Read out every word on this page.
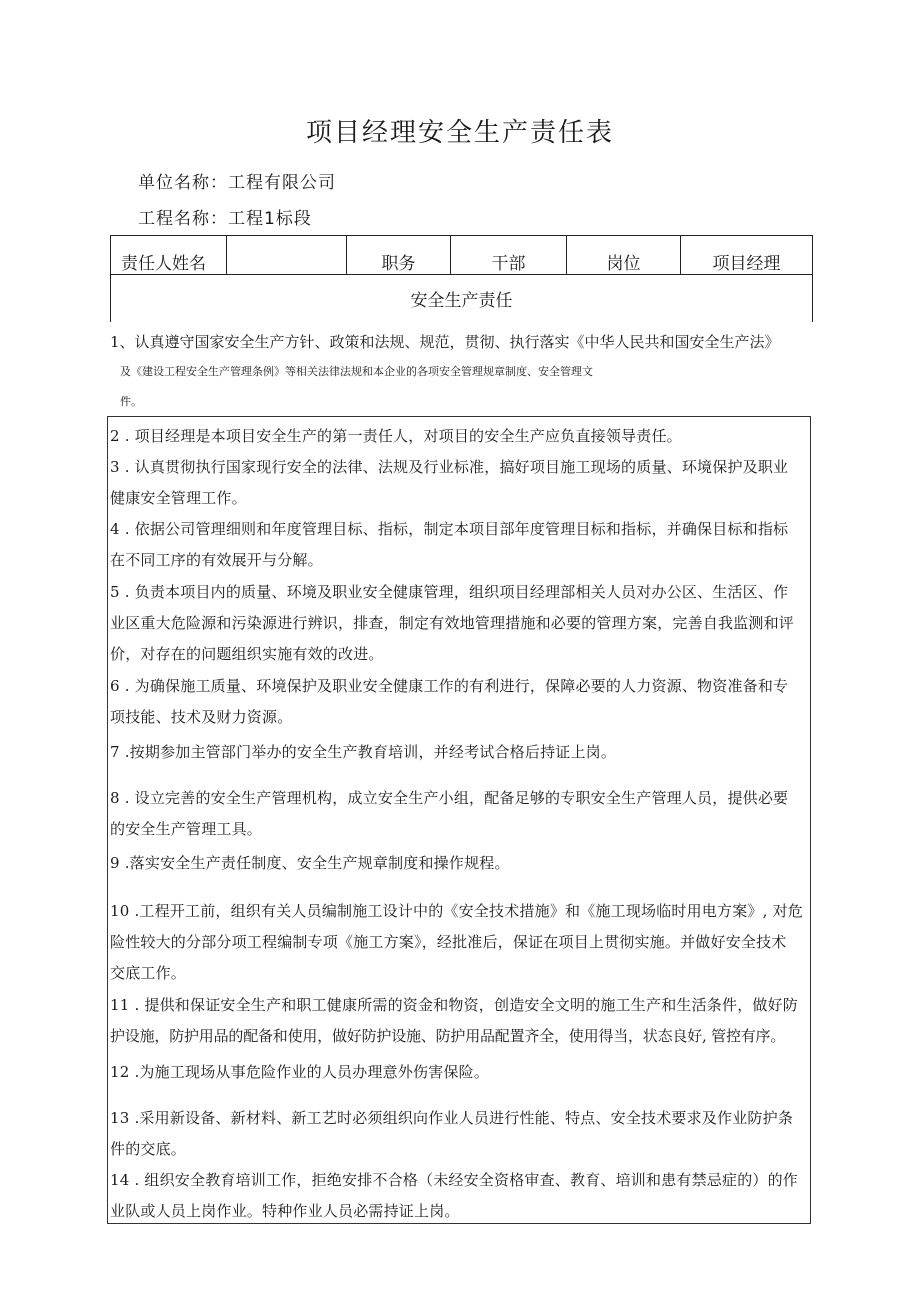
项目经理安全生产责任表
单位名称：工程有限公司
工程名称：工程1标段
责任人姓名		职务	干部	岗位	项目经理
安全生产责任
1、认真遵守国家安全生产方针、政策和法规、规范，贯彻、执行落实《中华人民共和国安全生产法》
及《建设工程安全生产管理条例》等相关法律法规和本企业的各项安全管理规章制度、安全管理文
件。
2 . 项目经理是本项目安全生产的第一责任人，对项目的安全生产应负直接领导责任。
3 . 认真贯彻执行国家现行安全的法律、法规及行业标准，搞好项目施工现场的质量、环境保护及职业
健康安全管理工作。
4 . 依据公司管理细则和年度管理目标、指标，制定本项目部年度管理目标和指标，并确保目标和指标
在不同工序的有效展开与分解。
5 . 负责本项目内的质量、环境及职业安全健康管理，组织项目经理部相关人员对办公区、生活区、作
业区重大危险源和污染源进行辨识，排查，制定有效地管理措施和必要的管理方案，完善自我监测和评
价，对存在的问题组织实施有效的改进。
6 . 为确保施工质量、环境保护及职业安全健康工作的有利进行，保障必要的人力资源、物资准备和专
项技能、技术及财力资源。
7 .按期参加主管部门举办的安全生产教育培训，并经考试合格后持证上岗。
8 . 设立完善的安全生产管理机构，成立安全生产小组，配备足够的专职安全生产管理人员，提供必要
的安全生产管理工具。
9 .落实安全生产责任制度、安全生产规章制度和操作规程。
10 .工程开工前，组织有关人员编制施工设计中的《安全技术措施》和《施工现场临时用电方案》, 对危
险性较大的分部分项工程编制专项《施工方案》，经批准后，保证在项目上贯彻实施。并做好安全技术
交底工作。
11 . 提供和保证安全生产和职工健康所需的资金和物资，创造安全文明的施工生产和生活条件，做好防
护设施，防护用品的配备和使用，做好防护设施、防护用品配置齐全，使用得当，状态良好, 管控有序。
12 .为施工现场从事危险作业的人员办理意外伤害保险。
13 .采用新设备、新材料、新工艺时必须组织向作业人员进行性能、特点、安全技术要求及作业防护条
件的交底。
14 . 组织安全教育培训工作，拒绝安排不合格（未经安全资格审查、教育、培训和患有禁忌症的）的作
业队或人员上岗作业。特种作业人员必需持证上岗。
